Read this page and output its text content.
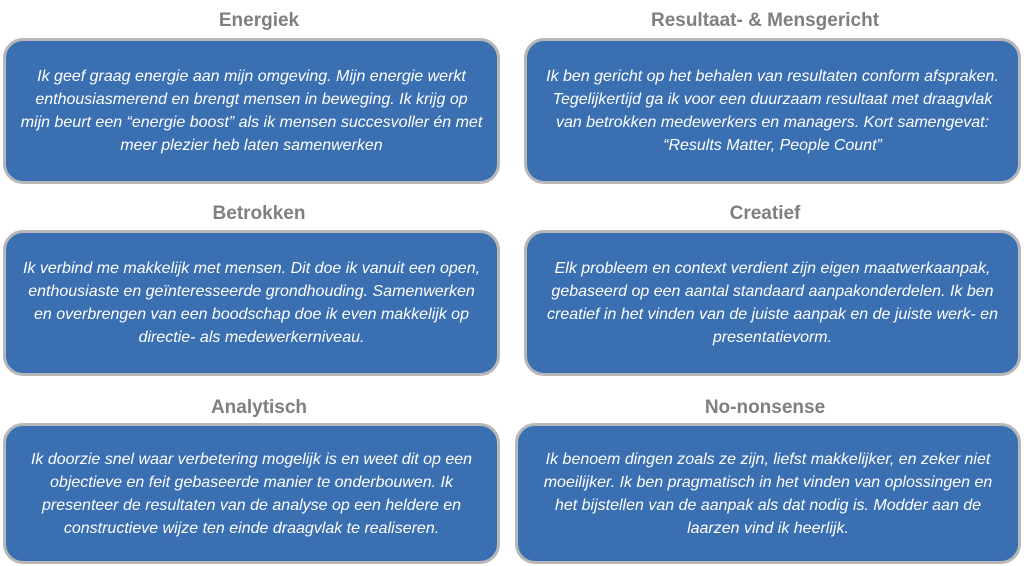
Energiek

Ik geef graag energie aan mijn omgeving. Mijn energie werkt enthousiasmerend en brengt mensen in beweging. Ik krijg op mijn beurt een “energie boost” als ik mensen succesvoller én met meer plezier heb laten samenwerken

Resultaat- & Mensgericht

Ik ben gericht op het behalen van resultaten conform afspraken. Tegelijkertijd ga ik voor een duurzaam resultaat met draagvlak van betrokken medewerkers en managers. Kort samengevat: “Results Matter, People Count”

Betrokken

Ik verbind me makkelijk met mensen. Dit doe ik vanuit een open, enthousiaste en geïnteresseerde grondhouding. Samenwerken en overbrengen van een boodschap doe ik even makkelijk op directie- als medewerkerniveau.

Creatief

Elk probleem en context verdient zijn eigen maatwerkaanpak, gebaseerd op een aantal standaard aanpakonderdelen. Ik ben creatief in het vinden van de juiste aanpak en de juiste werk- en presentatievorm.

Analytisch

Ik doorzie snel waar verbetering mogelijk is en weet dit op een objectieve en feit gebaseerde manier te onderbouwen. Ik presenteer de resultaten van de analyse op een heldere en constructieve wijze ten einde draagvlak te realiseren.

No-nonsense

Ik benoem dingen zoals ze zijn, liefst makkelijker, en zeker niet moeilijker. Ik ben pragmatisch in het vinden van oplossingen en het bijstellen van de aanpak als dat nodig is. Modder aan de laarzen vind ik heerlijk.
